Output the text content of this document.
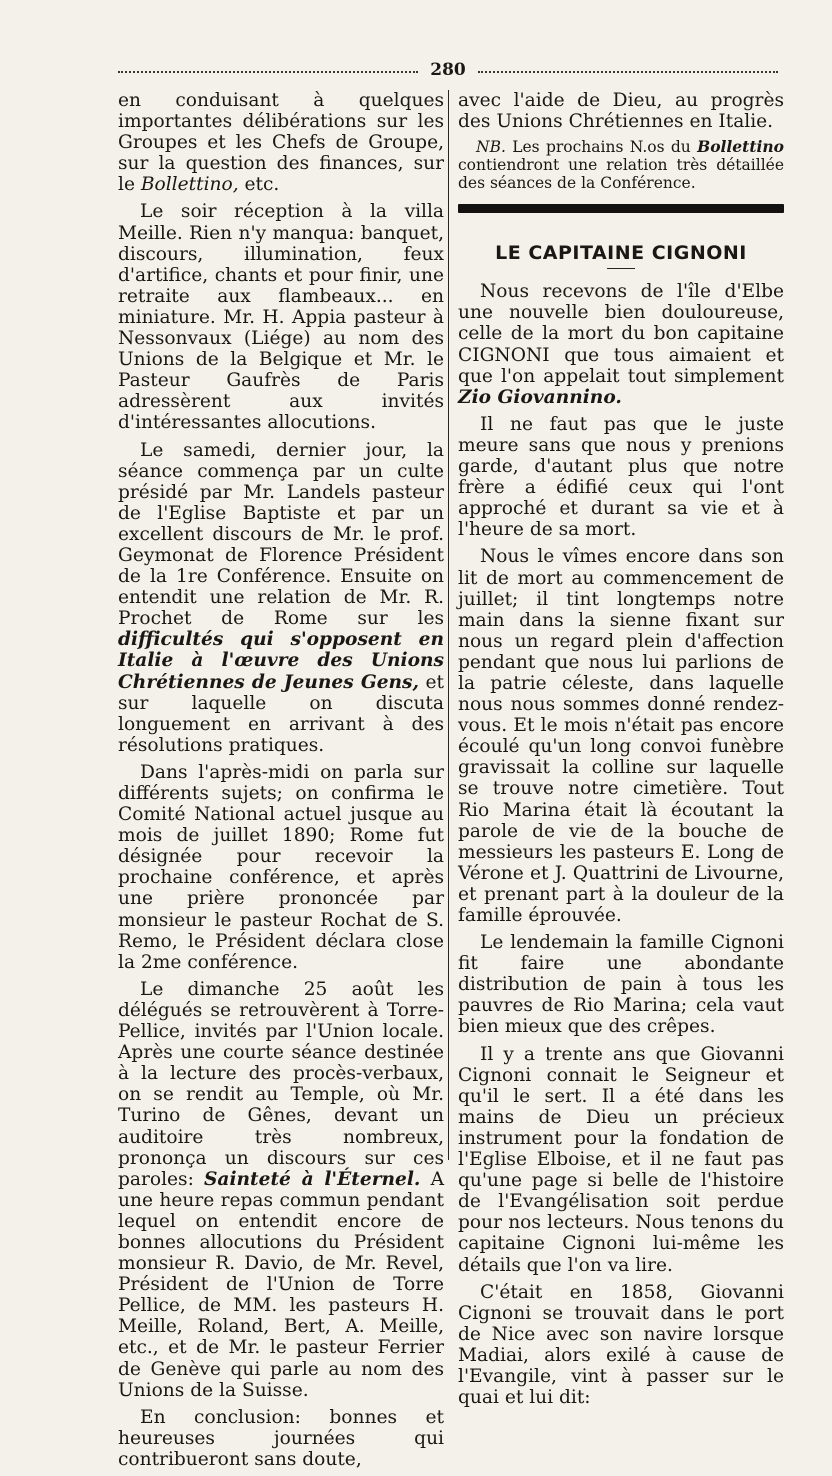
280

en conduisant à quelques importantes délibérations sur les Groupes et les Chefs de Groupe, sur la question des finances, sur le Bollettino, etc.

Le soir réception à la villa Meille. Rien n'y manqua: banquet, discours, illumination, feux d'artifice, chants et pour finir, une retraite aux flambeaux... en miniature. Mr. H. Appia pasteur à Nessonvaux (Liége) au nom des Unions de la Belgique et Mr. le Pasteur Gaufrès de Paris adressèrent aux invités d'intéressantes allocutions.

Le samedi, dernier jour, la séance commença par un culte présidé par Mr. Landels pasteur de l'Eglise Baptiste et par un excellent discours de Mr. le prof. Geymonat de Florence Président de la 1re Conférence. Ensuite on entendit une relation de Mr. R. Prochet de Rome sur les difficultés qui s'opposent en Italie à l'œuvre des Unions Chrétiennes de Jeunes Gens, et sur laquelle on discuta longuement en arrivant à des résolutions pratiques.

Dans l'après-midi on parla sur différents sujets; on confirma le Comité National actuel jusque au mois de juillet 1890; Rome fut désignée pour recevoir la prochaine conférence, et après une prière prononcée par monsieur le pasteur Rochat de S. Remo, le Président déclara close la 2me conférence.

Le dimanche 25 août les délégués se retrouvèrent à Torre-Pellice, invités par l'Union locale. Après une courte séance destinée à la lecture des procès-verbaux, on se rendit au Temple, où Mr. Turino de Gênes, devant un auditoire très nombreux, prononça un discours sur ces paroles: Sainteté à l'Éternel. A une heure repas commun pendant lequel on entendit encore de bonnes allocutions du Président monsieur R. Davio, de Mr. Revel, Président de l'Union de Torre Pellice, de MM. les pasteurs H. Meille, Roland, Bert, A. Meille, etc., et de Mr. le pasteur Ferrier de Genève qui parle au nom des Unions de la Suisse.

En conclusion: bonnes et heureuses journées qui contribueront sans doute,

avec l'aide de Dieu, au progrès des Unions Chrétiennes en Italie.

NB. Les prochains N.os du Bollettino contiendront une relation très détaillée des séances de la Conférence.

LE CAPITAINE CIGNONI

Nous recevons de l'île d'Elbe une nouvelle bien douloureuse, celle de la mort du bon capitaine CIGNONI que tous aimaient et que l'on appelait tout simplement Zio Giovannino.

Il ne faut pas que le juste meure sans que nous y prenions garde, d'autant plus que notre frère a édifié ceux qui l'ont approché et durant sa vie et à l'heure de sa mort.

Nous le vîmes encore dans son lit de mort au commencement de juillet; il tint longtemps notre main dans la sienne fixant sur nous un regard plein d'affection pendant que nous lui parlions de la patrie céleste, dans laquelle nous nous sommes donné rendez-vous. Et le mois n'était pas encore écoulé qu'un long convoi funèbre gravissait la colline sur laquelle se trouve notre cimetière. Tout Rio Marina était là écoutant la parole de vie de la bouche de messieurs les pasteurs E. Long de Vérone et J. Quattrini de Livourne, et prenant part à la douleur de la famille éprouvée.

Le lendemain la famille Cignoni fit faire une abondante distribution de pain à tous les pauvres de Rio Marina; cela vaut bien mieux que des crêpes.

Il y a trente ans que Giovanni Cignoni connait le Seigneur et qu'il le sert. Il a été dans les mains de Dieu un précieux instrument pour la fondation de l'Eglise Elboise, et il ne faut pas qu'une page si belle de l'histoire de l'Evangélisation soit perdue pour nos lecteurs. Nous tenons du capitaine Cignoni lui-même les détails que l'on va lire.

C'était en 1858, Giovanni Cignoni se trouvait dans le port de Nice avec son navire lorsque Madiai, alors exilé à cause de l'Evangile, vint à passer sur le quai et lui dit:
